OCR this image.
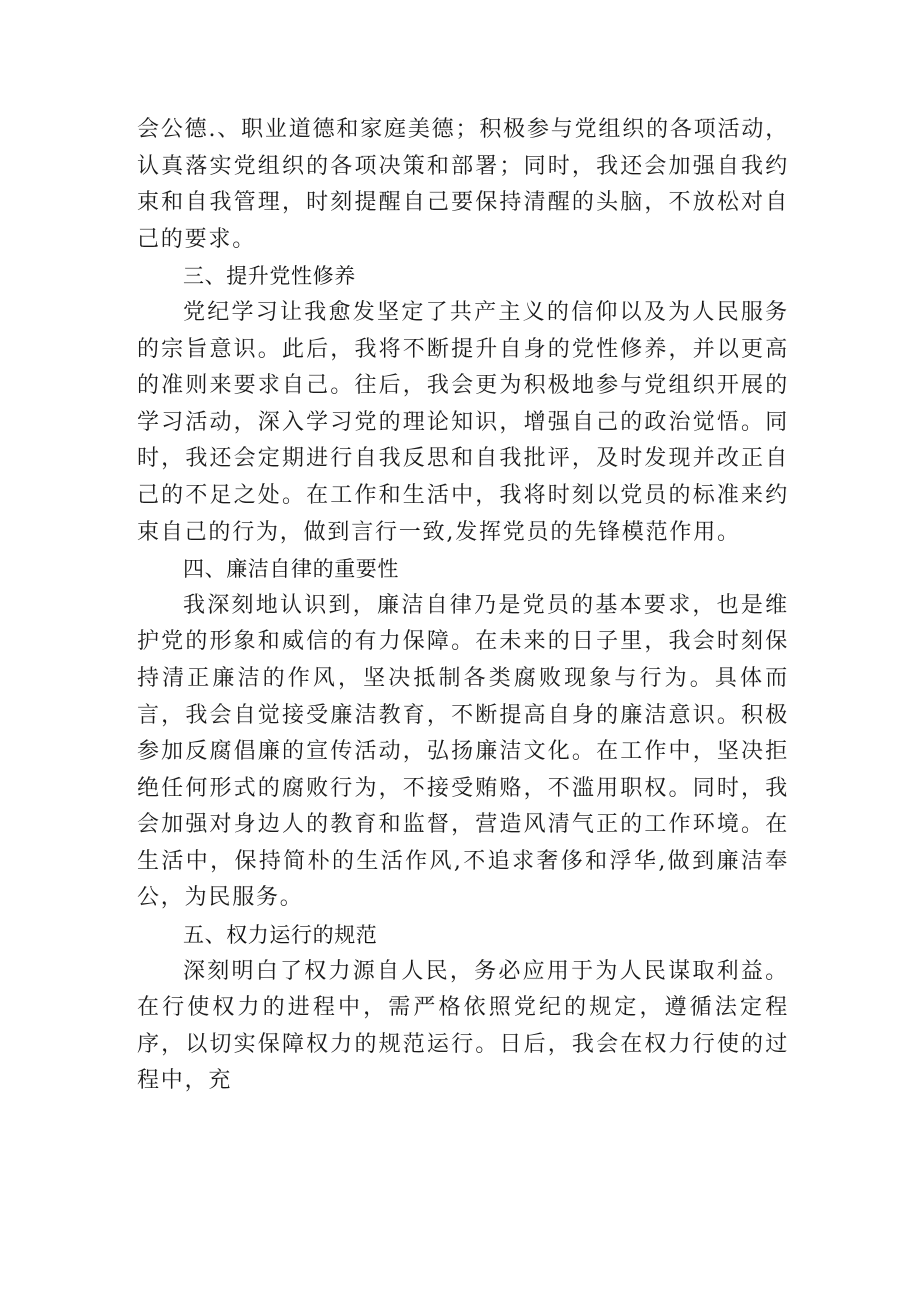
会公德.、职业道德和家庭美德；积极参与党组织的各项活动，认真落实党组织的各项决策和部署；同时，我还会加强自我约束和自我管理，时刻提醒自己要保持清醒的头脑，不放松对自己的要求。

三、提升党性修养

党纪学习让我愈发坚定了共产主义的信仰以及为人民服务的宗旨意识。此后，我将不断提升自身的党性修养，并以更高的准则来要求自己。往后，我会更为积极地参与党组织开展的学习活动，深入学习党的理论知识，增强自己的政治觉悟。同时，我还会定期进行自我反思和自我批评，及时发现并改正自己的不足之处。在工作和生活中，我将时刻以党员的标准来约束自己的行为，做到言行一致,发挥党员的先锋模范作用。

四、廉洁自律的重要性

我深刻地认识到，廉洁自律乃是党员的基本要求，也是维护党的形象和威信的有力保障。在未来的日子里，我会时刻保持清正廉洁的作风，坚决抵制各类腐败现象与行为。具体而言，我会自觉接受廉洁教育，不断提高自身的廉洁意识。积极参加反腐倡廉的宣传活动，弘扬廉洁文化。在工作中，坚决拒绝任何形式的腐败行为，不接受贿赂，不滥用职权。同时，我会加强对身边人的教育和监督，营造风清气正的工作环境。在生活中，保持简朴的生活作风,不追求奢侈和浮华,做到廉洁奉公，为民服务。

五、权力运行的规范

深刻明白了权力源自人民，务必应用于为人民谋取利益。在行使权力的进程中，需严格依照党纪的规定，遵循法定程序，以切实保障权力的规范运行。日后，我会在权力行使的过程中，充
